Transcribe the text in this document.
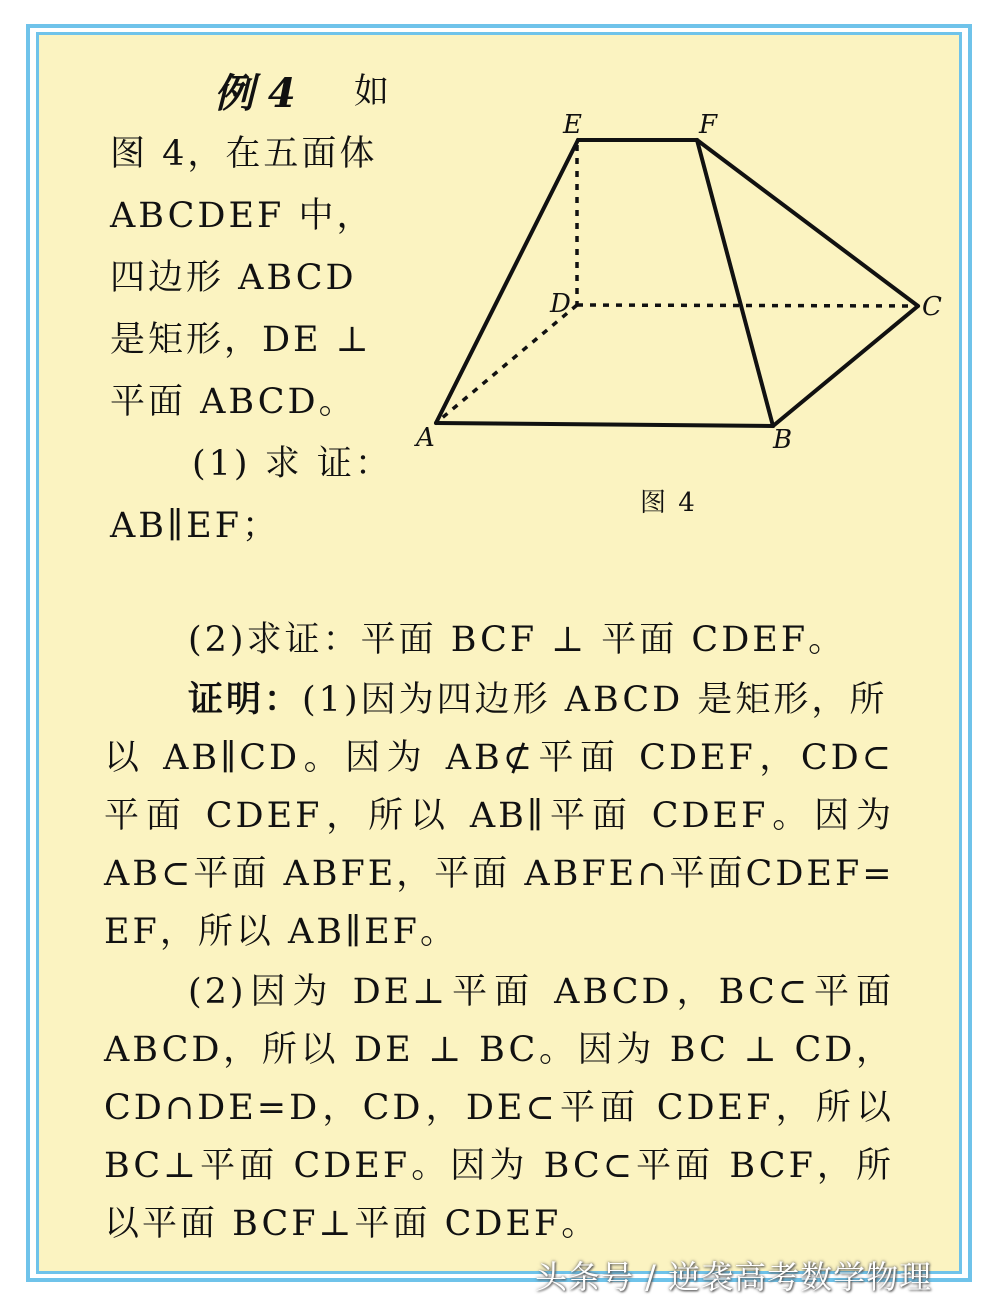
例 4 如
图 4，在五面体
ABCDEF 中，
四边形 ABCD
是矩形，DE ⊥
平面 ABCD。
(1) 求 证：
AB∥EF；
E	F
D	C
A	B
图 4
(2)求证：平面 BCF ⊥ 平面 CDEF。
证明：(1)因为四边形 ABCD 是矩形，所
以 AB∥CD。因为 AB⊄平面 CDEF，CD⊂
平面 CDEF，所以 AB∥平面 CDEF。因为
AB⊂平面 ABFE，平面 ABFE∩平面CDEF=
EF，所以 AB∥EF。
(2)因为 DE⊥平面 ABCD，BC⊂平面
ABCD，所以 DE ⊥ BC。因为 BC ⊥ CD，
CD∩DE=D，CD，DE⊂平面 CDEF，所以
BC⊥平面 CDEF。因为 BC⊂平面 BCF，所
以平面 BCF⊥平面 CDEF。
头条号 / 逆袭高考数学物理
